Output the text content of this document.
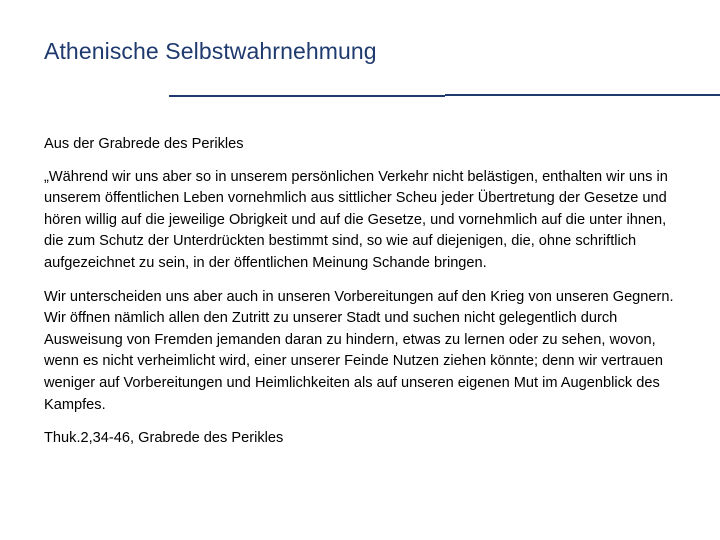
Athenische Selbstwahrnehmung

Aus der Grabrede des Perikles

„Während wir uns aber so in unserem persönlichen Verkehr nicht belästigen, enthalten wir uns in unserem öffentlichen Leben vornehmlich aus sittlicher Scheu jeder Übertretung der Gesetze und hören willig auf die jeweilige Obrigkeit und auf die Gesetze, und vornehmlich auf die unter ihnen, die zum Schutz der Unterdrückten bestimmt sind, so wie auf diejenigen, die, ohne schriftlich aufgezeichnet zu sein, in der öffentlichen Meinung Schande bringen.

Wir unterscheiden uns aber auch in unseren Vorbereitungen auf den Krieg von unseren Gegnern. Wir öffnen nämlich allen den Zutritt zu unserer Stadt und suchen nicht gelegentlich durch Ausweisung von Fremden jemanden daran zu hindern, etwas zu lernen oder zu sehen, wovon, wenn es nicht verheimlicht wird, einer unserer Feinde Nutzen ziehen könnte; denn wir vertrauen weniger auf Vorbereitungen und Heimlichkeiten als auf unseren eigenen Mut im Augenblick des Kampfes.

Thuk.2,34-46, Grabrede des Perikles
